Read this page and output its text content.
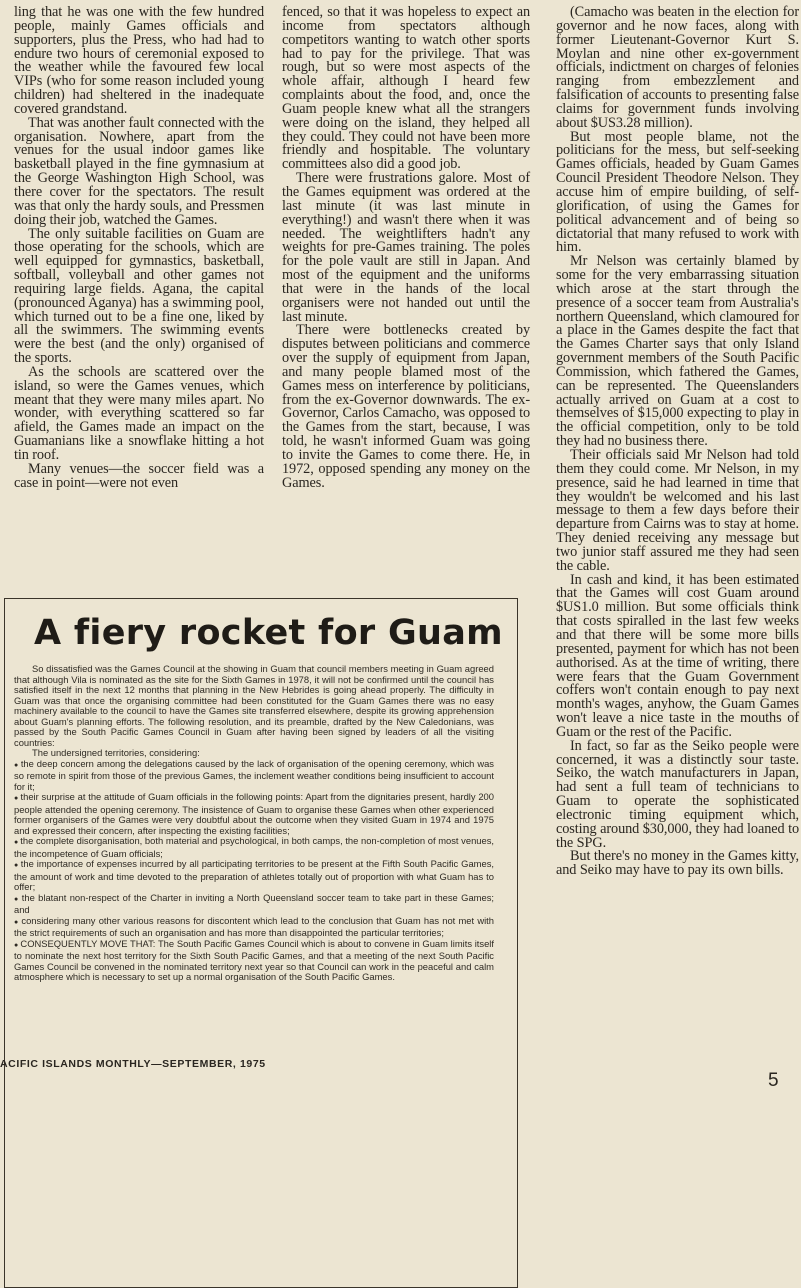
ling that he was one with the few hundred people, mainly Games officials and supporters, plus the Press, who had had to endure two hours of ceremonial exposed to the weather while the favoured few local VIPs (who for some reason included young children) had sheltered in the inadequate covered grandstand.

That was another fault connected with the organisation. Nowhere, apart from the venues for the usual indoor games like basketball played in the fine gymnasium at the George Washington High School, was there cover for the spectators. The result was that only the hardy souls, and Pressmen doing their job, watched the Games.

The only suitable facilities on Guam are those operating for the schools, which are well equipped for gymnastics, basketball, softball, volleyball and other games not requiring large fields. Agana, the capital (pronounced Aganya) has a swimming pool, which turned out to be a fine one, liked by all the swimmers. The swimming events were the best (and the only) organised of the sports.

As the schools are scattered over the island, so were the Games venues, which meant that they were many miles apart. No wonder, with everything scattered so far afield, the Games made an impact on the Guamanians like a snowflake hitting a hot tin roof.

Many venues—the soccer field was a case in point—were not even

fenced, so that it was hopeless to expect an income from spectators although competitors wanting to watch other sports had to pay for the privilege. That was rough, but so were most aspects of the whole affair, although I heard few complaints about the food, and, once the Guam people knew what all the strangers were doing on the island, they helped all they could. They could not have been more friendly and hospitable. The voluntary committees also did a good job.

There were frustrations galore. Most of the Games equipment was ordered at the last minute (it was last minute in everything!) and wasn't there when it was needed. The weightlifters hadn't any weights for pre-Games training. The poles for the pole vault are still in Japan. And most of the equipment and the uniforms that were in the hands of the local organisers were not handed out until the last minute.

There were bottlenecks created by disputes between politicians and commerce over the supply of equipment from Japan, and many people blamed most of the Games mess on interference by politicians, from the ex-Governor downwards. The ex-Governor, Carlos Camacho, was opposed to the Games from the start, because, I was told, he wasn't informed Guam was going to invite the Games to come there. He, in 1972, opposed spending any money on the Games.

(Camacho was beaten in the election for governor and he now faces, along with former Lieutenant-Governor Kurt S. Moylan and nine other ex-government officials, indictment on charges of felonies ranging from embezzlement and falsification of accounts to presenting false claims for government funds involving about $US3.28 million).

But most people blame, not the politicians for the mess, but self-seeking Games officials, headed by Guam Games Council President Theodore Nelson. They accuse him of empire building, of self-glorification, of using the Games for political advancement and of being so dictatorial that many refused to work with him.

Mr Nelson was certainly blamed by some for the very embarrassing situation which arose at the start through the presence of a soccer team from Australia's northern Queensland, which clamoured for a place in the Games despite the fact that the Games Charter says that only Island government members of the South Pacific Commission, which fathered the Games, can be represented. The Queenslanders actually arrived on Guam at a cost to themselves of $15,000 expecting to play in the official competition, only to be told they had no business there.

Their officials said Mr Nelson had told them they could come. Mr Nelson, in my presence, said he had learned in time that they wouldn't be welcomed and his last message to them a few days before their departure from Cairns was to stay at home. They denied receiving any message but two junior staff assured me they had seen the cable.

In cash and kind, it has been estimated that the Games will cost Guam around $US1.0 million. But some officials think that costs spiralled in the last few weeks and that there will be some more bills presented, payment for which has not been authorised. As at the time of writing, there were fears that the Guam Government coffers won't contain enough to pay next month's wages, anyhow, the Guam Games won't leave a nice taste in the mouths of Guam or the rest of the Pacific.

In fact, so far as the Seiko people were concerned, it was a distinctly sour taste. Seiko, the watch manufacturers in Japan, had sent a full team of technicians to Guam to operate the sophisticated electronic timing equipment which, costing around $30,000, they had loaned to the SPG.

But there's no money in the Games kitty, and Seiko may have to pay its own bills.

A fiery rocket for Guam

So dissatisfied was the Games Council at the showing in Guam that council members meeting in Guam agreed that although Vila is nominated as the site for the Sixth Games in 1978, it will not be confirmed until the council has satisfied itself in the next 12 months that planning in the New Hebrides is going ahead properly. The difficulty in Guam was that once the organising committee had been constituted for the Guam Games there was no easy machinery available to the council to have the Games site transferred elsewhere, despite its growing apprehension about Guam's planning efforts. The following resolution, and its preamble, drafted by the New Caledonians, was passed by the South Pacific Games Council in Guam after having been signed by leaders of all the visiting countries:

The undersigned territories, considering:

● the deep concern among the delegations caused by the lack of organisation of the opening ceremony, which was so remote in spirit from those of the previous Games, the inclement weather conditions being insufficient to account for it;

● their surprise at the attitude of Guam officials in the following points: Apart from the dignitaries present, hardly 200 people attended the opening ceremony. The insistence of Guam to organise these Games when other experienced former organisers of the Games were very doubtful about the outcome when they visited Guam in 1974 and 1975 and expressed their concern, after inspecting the existing facilities;

● the complete disorganisation, both material and psychological, in both camps, the non-completion of most venues, the incompetence of Guam officials;

● the importance of expenses incurred by all participating territories to be present at the Fifth South Pacific Games, the amount of work and time devoted to the preparation of athletes totally out of proportion with what Guam has to offer;

● the blatant non-respect of the Charter in inviting a North Queensland soccer team to take part in these Games; and

● considering many other various reasons for discontent which lead to the conclusion that Guam has not met with the strict requirements of such an organisation and has more than disappointed the particular territories;

● CONSEQUENTLY MOVE THAT: The South Pacific Games Council which is about to convene in Guam limits itself to nominate the next host territory for the Sixth South Pacific Games, and that a meeting of the next South Pacific Games Council be convened in the nominated territory next year so that Council can work in the peaceful and calm atmosphere which is necessary to set up a normal organisation of the South Pacific Games.

ACIFIC ISLANDS MONTHLY—SEPTEMBER, 1975
5
